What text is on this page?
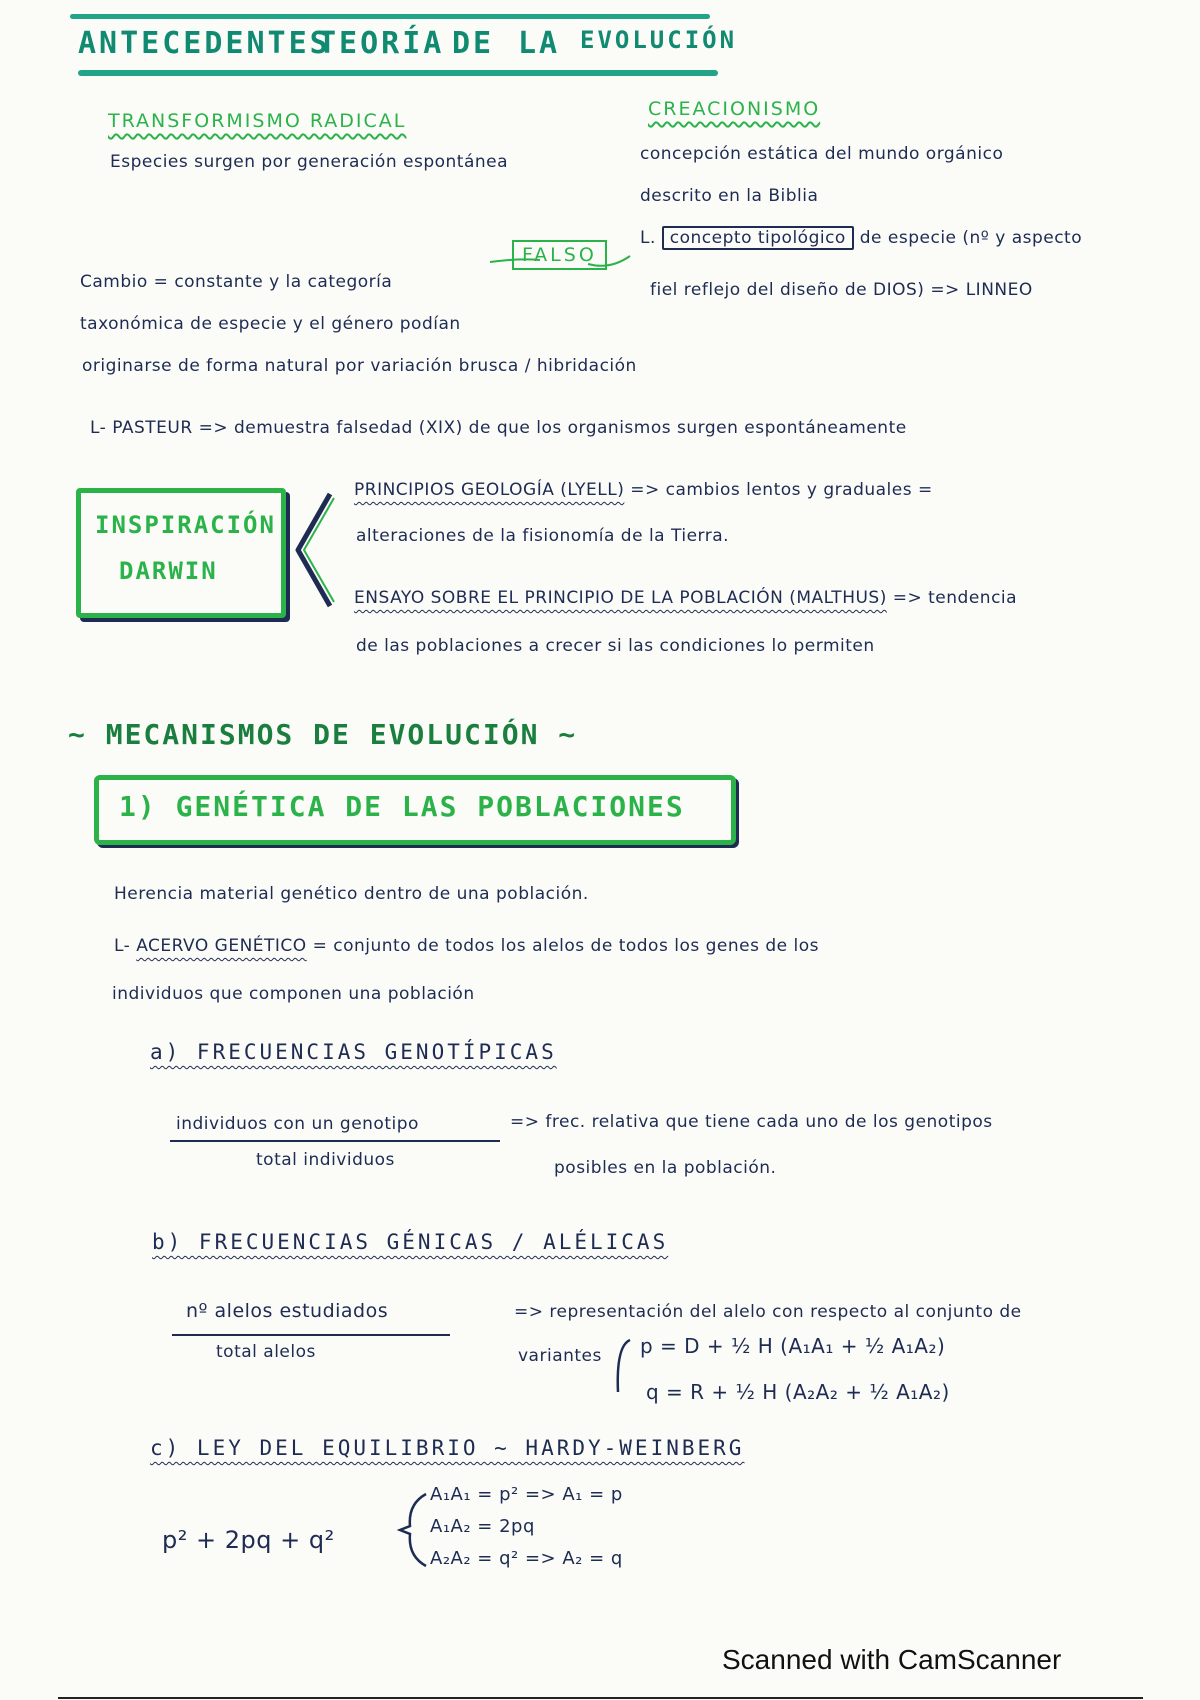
ANTECEDENTES
TEORÍA DE LA EVOLUCIÓN
TRANSFORMISMO RADICAL
Especies surgen por generación espontánea
CREACIONISMO
concepción estática del mundo orgánico
descrito en la Biblia
L. concepto tipológico de especie (nº y aspecto
fiel reflejo del diseño de DIOS) => LINNEO
FALSO
Cambio = constante y la categoría
taxonómica de especie y el género podían
originarse de forma natural por variación brusca / hibridación
L- PASTEUR => demuestra falsedad (XIX) de que los organismos surgen espontáneamente
INSPIRACIÓN
DARWIN
PRINCIPIOS GEOLOGÍA (LYELL) => cambios lentos y graduales =
alteraciones de la fisionomía de la Tierra.
ENSAYO SOBRE EL PRINCIPIO DE LA POBLACIÓN (MALTHUS) => tendencia
de las poblaciones a crecer si las condiciones lo permiten
~ MECANISMOS DE EVOLUCIÓN ~
1) GENÉTICA DE LAS POBLACIONES
Herencia material genético dentro de una población.
L- ACERVO GENÉTICO = conjunto de todos los alelos de todos los genes de los
individuos que componen una población
a) FRECUENCIAS GENOTÍPICAS
individuos con un genotipo
total individuos
=> frec. relativa que tiene cada uno de los genotipos
posibles en la población.
b) FRECUENCIAS GÉNICAS / ALÉLICAS
nº alelos estudiados
total alelos
=> representación del alelo con respecto al conjunto de
variantes p = D + ½ H (A₁A₁ + ½ A₁A₂)
q = R + ½ H (A₂A₂ + ½ A₁A₂)
c) LEY DEL EQUILIBRIO ~ HARDY-WEINBERG
p² + 2pq + q²
A₁A₁ = p² => A₁ = p
A₁A₂ = 2pq
A₂A₂ = q² => A₂ = q
Scanned with CamScanner
